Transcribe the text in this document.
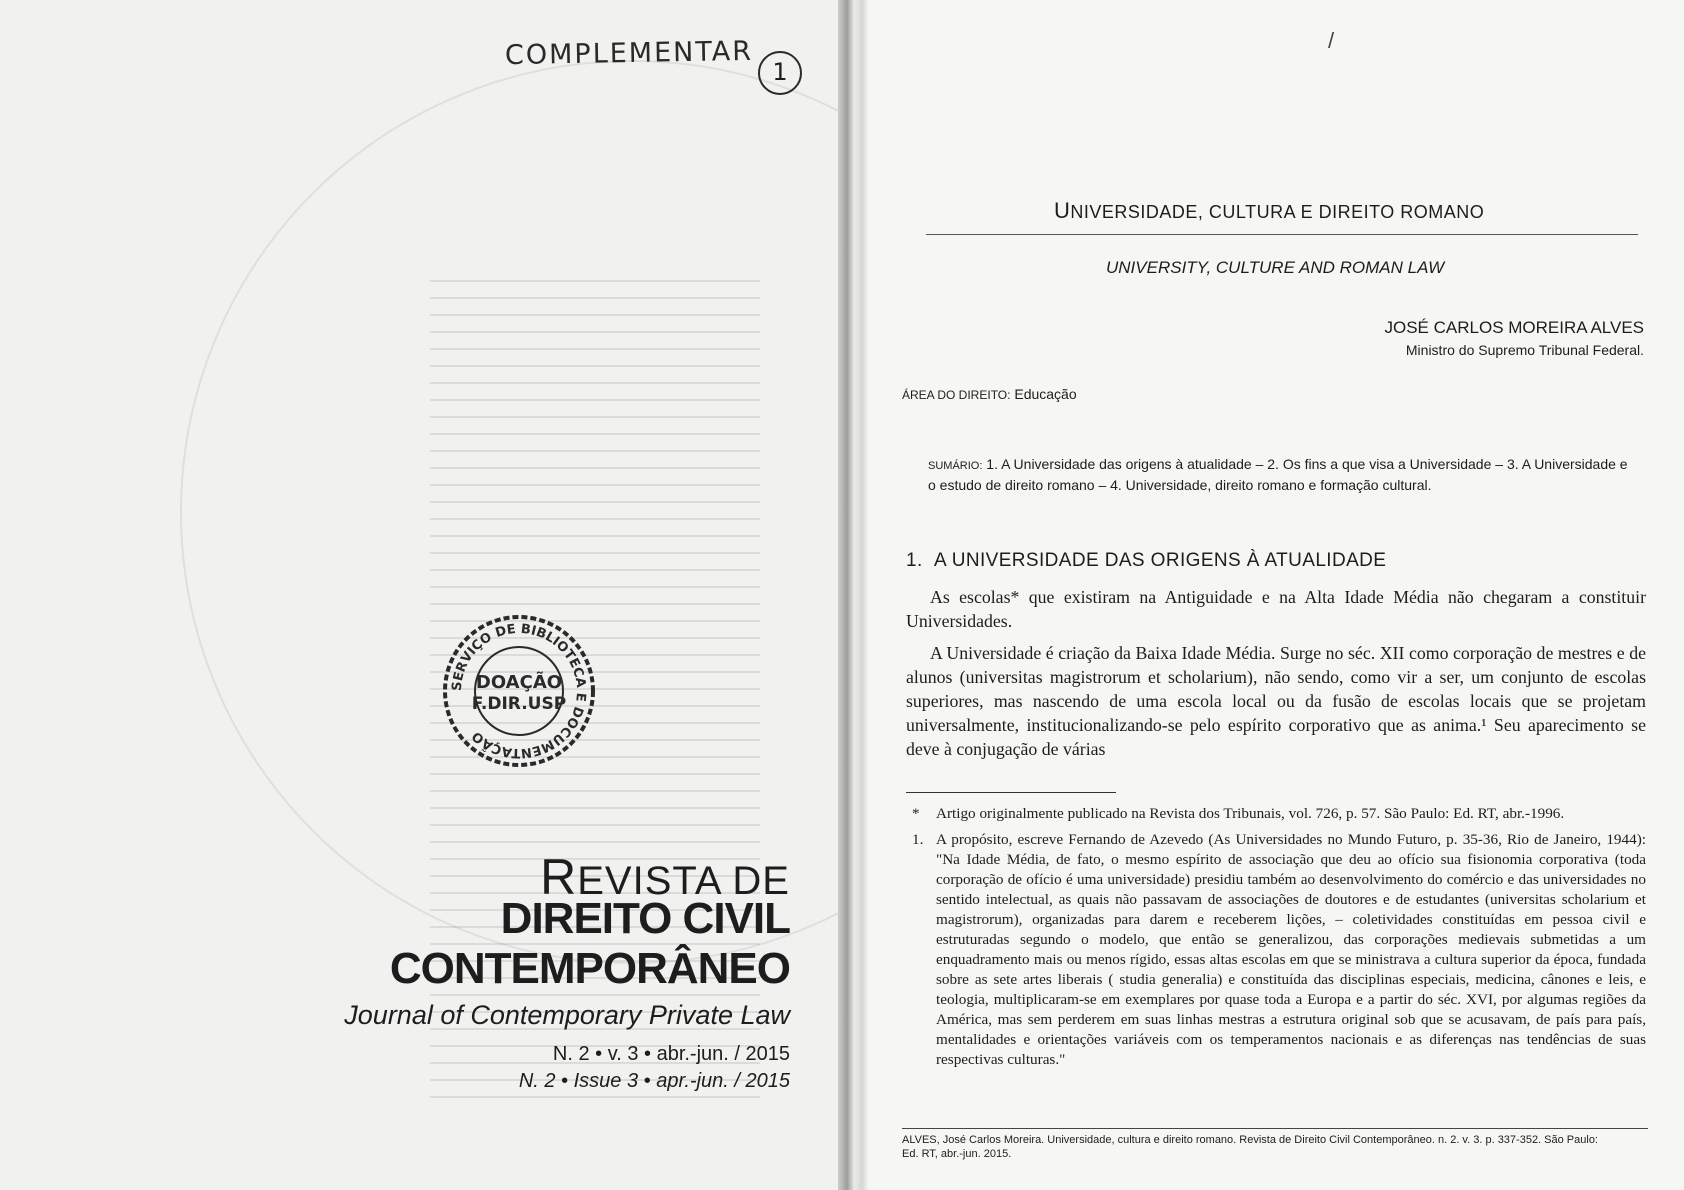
COMPLEMENTAR
1
SERVIÇO DE BIBLIOTECA E DOCUMENTAÇÃO
DOAÇÃO
F.DIR.USP
REVISTA DE
DIREITO CIVIL
CONTEMPORÂNEO
Journal of Contemporary Private Law
N. 2 • v. 3 • abr.-jun. / 2015
N. 2 • Issue 3 • apr.-jun. / 2015
/
UNIVERSIDADE, CULTURA E DIREITO ROMANO
UNIVERSITY, CULTURE AND ROMAN LAW
JOSÉ CARLOS MOREIRA ALVES
Ministro do Supremo Tribunal Federal.
ÁREA DO DIREITO: Educação
SUMÁRIO: 1. A Universidade das origens à atualidade – 2. Os fins a que visa a Universidade – 3. A Universidade e o estudo de direito romano – 4. Universidade, direito romano e formação cultural.
1. A UNIVERSIDADE DAS ORIGENS À ATUALIDADE
As escolas* que existiram na Antiguidade e na Alta Idade Média não chegaram a constituir Universidades.
A Universidade é criação da Baixa Idade Média. Surge no séc. XII como corporação de mestres e de alunos (universitas magistrorum et scholarium), não sendo, como vir a ser, um conjunto de escolas superiores, mas nascendo de uma escola local ou da fusão de escolas locais que se projetam universalmente, institucionalizando-se pelo espírito corporativo que as anima.¹ Seu aparecimento se deve à conjugação de várias
* Artigo originalmente publicado na Revista dos Tribunais, vol. 726, p. 57. São Paulo: Ed. RT, abr.-1996.
1. A propósito, escreve Fernando de Azevedo (As Universidades no Mundo Futuro, p. 35-36, Rio de Janeiro, 1944): "Na Idade Média, de fato, o mesmo espírito de associação que deu ao ofício sua fisionomia corporativa (toda corporação de ofício é uma universidade) presidiu também ao desenvolvimento do comércio e das universidades no sentido intelectual, as quais não passavam de associações de doutores e de estudantes (universitas scholarium et magistrorum), organizadas para darem e receberem lições, – coletividades constituídas em pessoa civil e estruturadas segundo o modelo, que então se generalizou, das corporações medievais submetidas a um enquadramento mais ou menos rígido, essas altas escolas em que se ministrava a cultura superior da época, fundada sobre as sete artes liberais ( studia generalia) e constituída das disciplinas especiais, medicina, cânones e leis, e teologia, multiplicaram-se em exemplares por quase toda a Europa e a partir do séc. XVI, por algumas regiões da América, mas sem perderem em suas linhas mestras a estrutura original sob que se acusavam, de país para país, mentalidades e orientações variáveis com os temperamentos nacionais e as diferenças nas tendências de suas respectivas culturas."
ALVES, José Carlos Moreira. Universidade, cultura e direito romano. Revista de Direito Civil Contemporâneo. n. 2. v. 3. p. 337-352. São Paulo: Ed. RT, abr.-jun. 2015.
